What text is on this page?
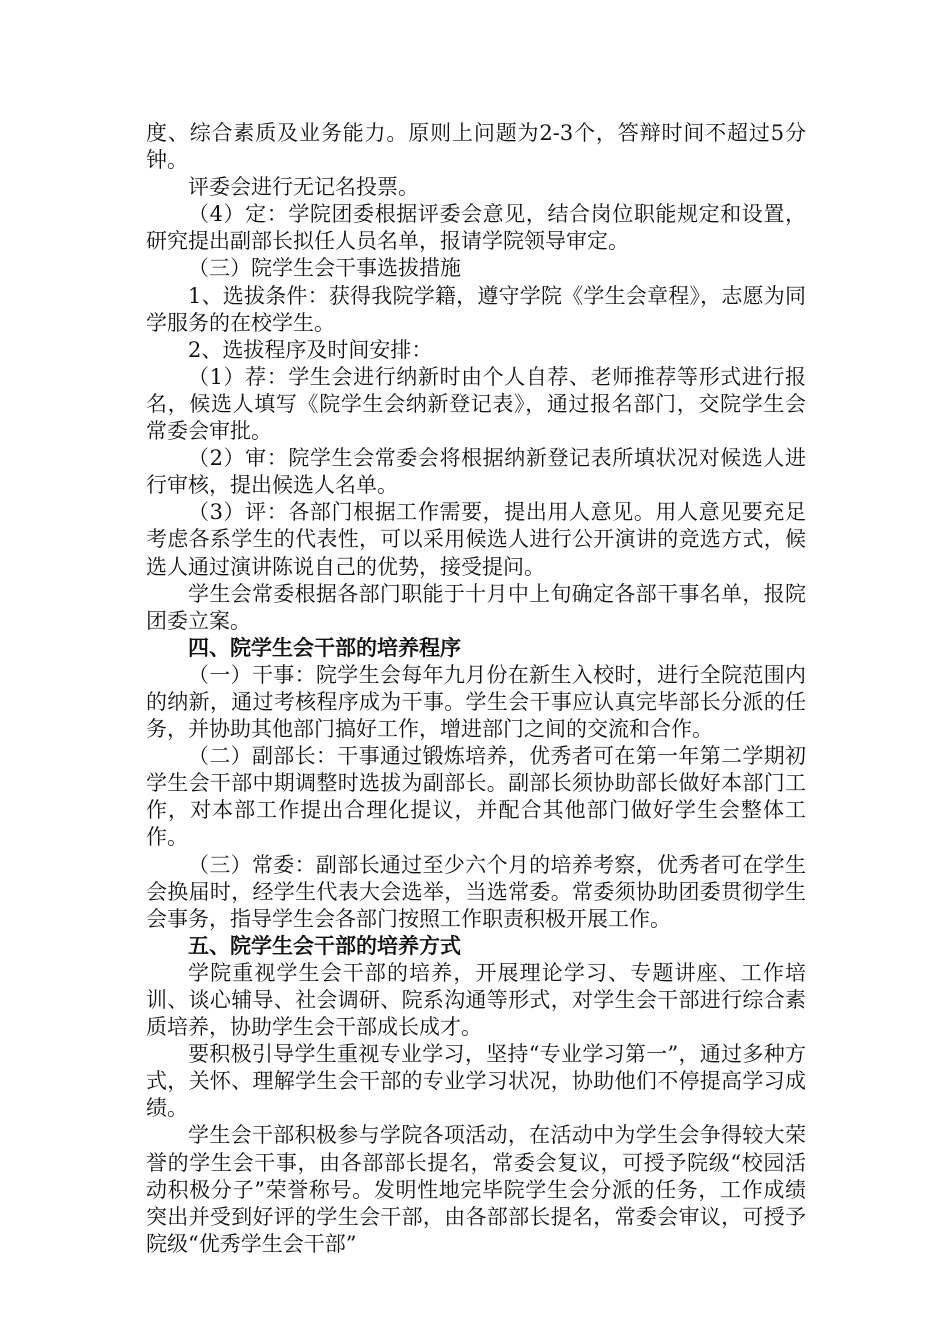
度、综合素质及业务能力。原则上问题为2-3个，答辩时间不超过5分钟。

评委会进行无记名投票。

（4）定：学院团委根据评委会意见，结合岗位职能规定和设置，研究提出副部长拟任人员名单，报请学院领导审定。

（三）院学生会干事选拔措施

1、选拔条件：获得我院学籍，遵守学院《学生会章程》，志愿为同学服务的在校学生。

2、选拔程序及时间安排：

（1）荐：学生会进行纳新时由个人自荐、老师推荐等形式进行报名，候选人填写《院学生会纳新登记表》，通过报名部门，交院学生会常委会审批。

（2）审：院学生会常委会将根据纳新登记表所填状况对候选人进行审核，提出候选人名单。

（3）评：各部门根据工作需要，提出用人意见。用人意见要充足考虑各系学生的代表性，可以采用候选人进行公开演讲的竞选方式，候选人通过演讲陈说自己的优势，接受提问。

学生会常委根据各部门职能于十月中上旬确定各部干事名单，报院团委立案。

四、院学生会干部的培养程序

（一）干事：院学生会每年九月份在新生入校时，进行全院范围内的纳新，通过考核程序成为干事。学生会干事应认真完毕部长分派的任务，并协助其他部门搞好工作，增进部门之间的交流和合作。

（二）副部长：干事通过锻炼培养，优秀者可在第一年第二学期初学生会干部中期调整时选拔为副部长。副部长须协助部长做好本部门工作，对本部工作提出合理化提议，并配合其他部门做好学生会整体工作。

（三）常委：副部长通过至少六个月的培养考察，优秀者可在学生会换届时，经学生代表大会选举，当选常委。常委须协助团委贯彻学生会事务，指导学生会各部门按照工作职责积极开展工作。

五、院学生会干部的培养方式

学院重视学生会干部的培养，开展理论学习、专题讲座、工作培训、谈心辅导、社会调研、院系沟通等形式，对学生会干部进行综合素质培养，协助学生会干部成长成才。

要积极引导学生重视专业学习，坚持“专业学习第一”，通过多种方式，关怀、理解学生会干部的专业学习状况，协助他们不停提高学习成绩。

学生会干部积极参与学院各项活动，在活动中为学生会争得较大荣誉的学生会干事，由各部部长提名，常委会复议，可授予院级“校园活动积极分子”荣誉称号。发明性地完毕院学生会分派的任务，工作成绩突出并受到好评的学生会干部，由各部部长提名，常委会审议，可授予院级“优秀学生会干部”
